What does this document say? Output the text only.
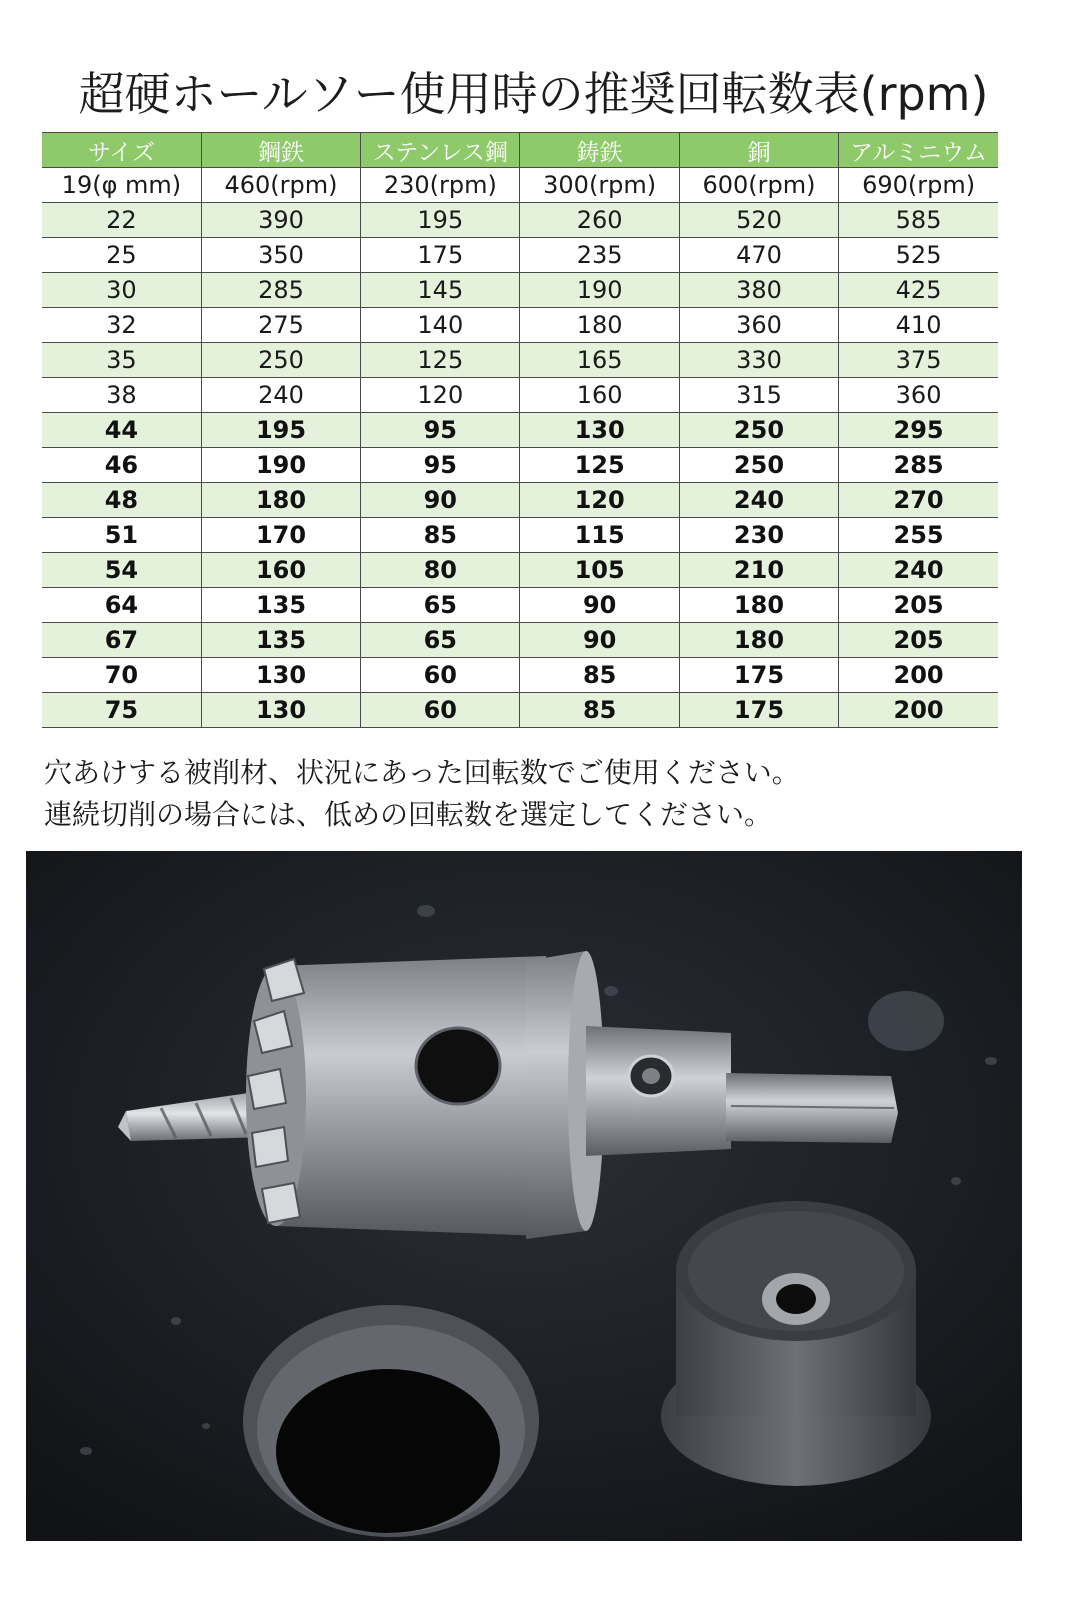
超硬ホールソー使用時の推奨回転数表(rpm)
サイズ	鋼鉄	ステンレス鋼	鋳鉄	銅	アルミニウム
19(φ mm)	460(rpm)	230(rpm)	300(rpm)	600(rpm)	690(rpm)
22	390	195	260	520	585
25	350	175	235	470	525
30	285	145	190	380	425
32	275	140	180	360	410
35	250	125	165	330	375
38	240	120	160	315	360
44	195	95	130	250	295
46	190	95	125	250	285
48	180	90	120	240	270
51	170	85	115	230	255
54	160	80	105	210	240
64	135	65	90	180	205
67	135	65	90	180	205
70	130	60	85	175	200
75	130	60	85	175	200
穴あけする被削材、状況にあった回転数でご使用ください。
連続切削の場合には、低めの回転数を選定してください。
